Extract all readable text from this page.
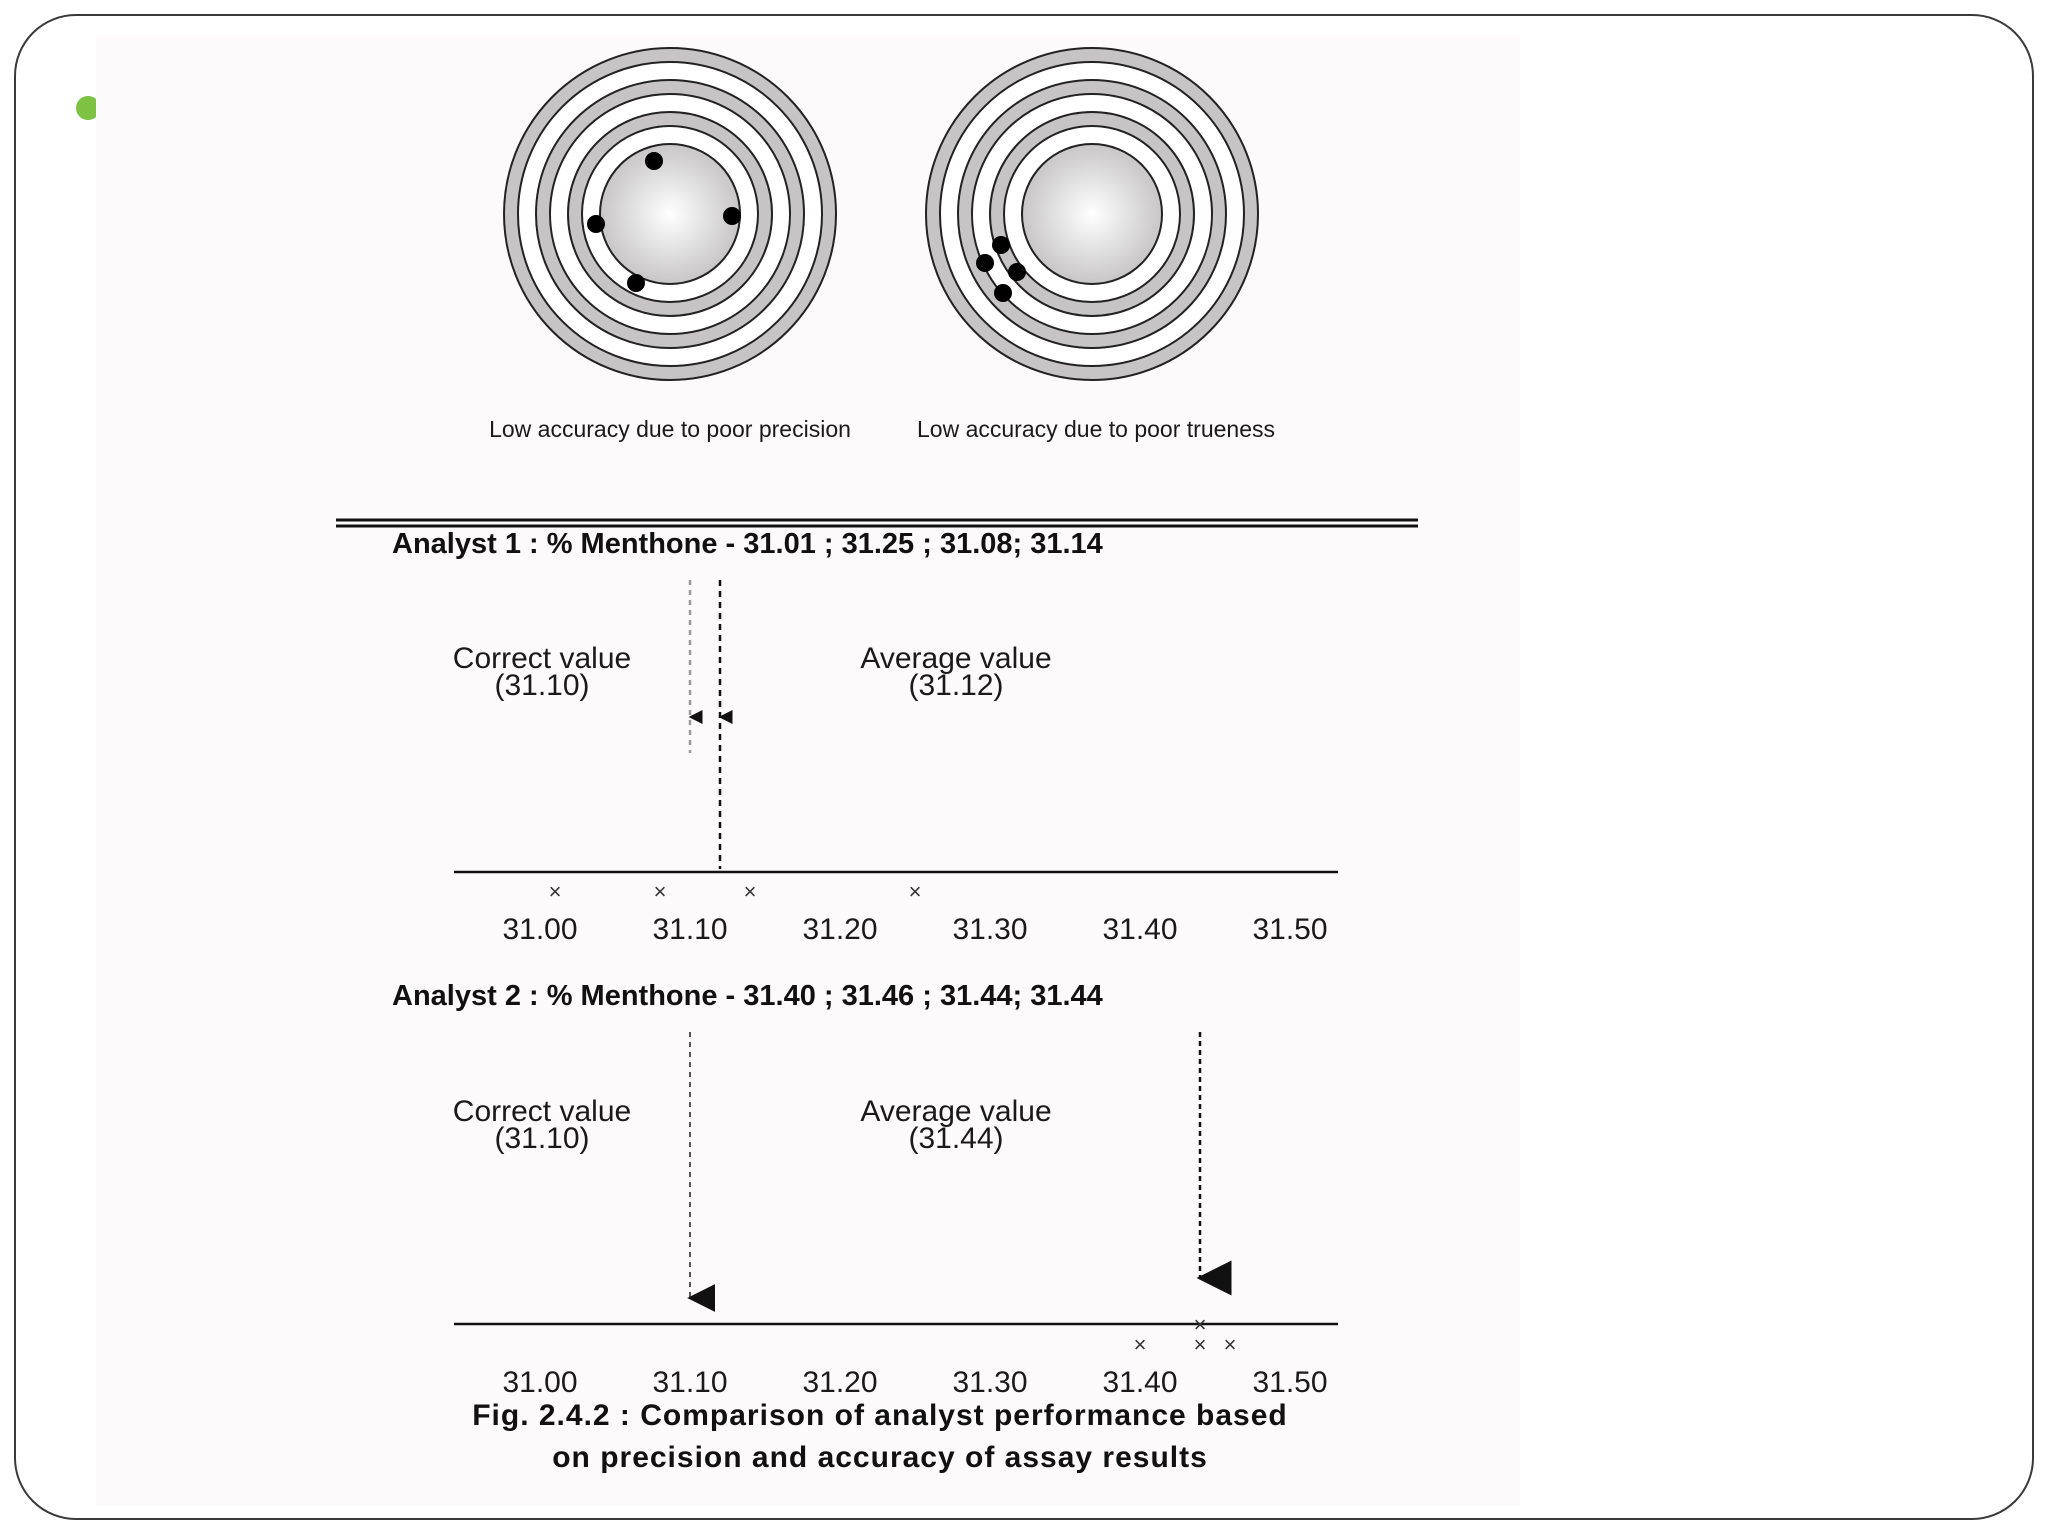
Low accuracy due to poor precision	Low accuracy due to poor trueness
Analyst 1 : % Menthone - 31.01 ; 31.25 ; 31.08; 31.14
Correct value
(31.10)
Average value
(31.12)
×	×
×	×
31.00 31.10 31.20 31.30 31.40 31.50
Analyst 2 : % Menthone - 31.40 ; 31.46 ; 31.44; 31.44
Correct value
(31.10)
Average value
(31.44)
×	×
×
×
31.00 31.10 31.20 31.30 31.40 31.50
Fig. 2.4.2 : Comparison of analyst performance based
on precision and accuracy of assay results
